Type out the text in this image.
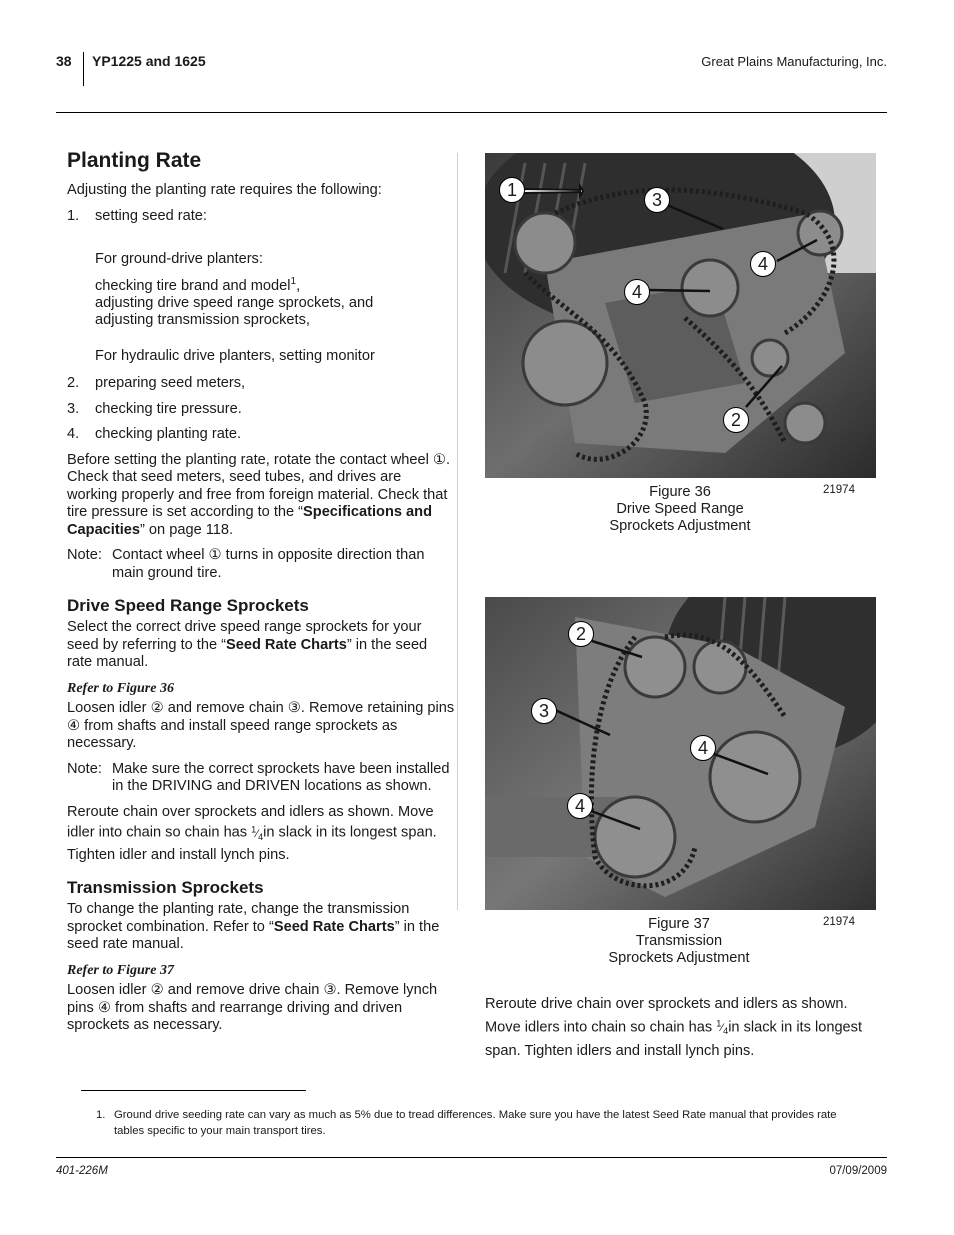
38 YP1225 and 1625	Great Plains Manufacturing, Inc.
Planting Rate

Adjusting the planting rate requires the following:

1.	setting seed rate:

For ground-drive planters:

checking tire brand and model$^1$,

adjusting drive speed range sprockets, and

adjusting transmission sprockets,

For hydraulic drive planters, setting monitor

2.	preparing seed meters,
3.	checking tire pressure.
4.	checking planting rate.

Before setting the planting rate, rotate the contact wheel ①. Check that seed meters, seed tubes, and drives are working properly and free from foreign material. Check that tire pressure is set according to the “Specifications and Capacities” on page 118.

Note: Contact wheel ① turns in opposite direction than main ground tire.
Drive Speed Range Sprockets

Select the correct drive speed range sprockets for your seed by referring to the “Seed Rate Charts” in the seed rate manual.

Refer to Figure 36

Loosen idler ② and remove chain ③. Remove retaining pins ④ from shafts and install speed range sprockets as necessary.

Note: Make sure the correct sprockets have been installed in the DRIVING and DRIVEN locations as shown.

Reroute chain over sprockets and idlers as shown. Move idler into chain so chain has $^1⁄_4in$ slack in its longest span. Tighten idler and install lynch pins.

Transmission Sprockets

To change the planting rate, change the transmission sprocket combination. Refer to “Seed Rate Charts” in the seed rate manual.

Refer to Figure 37

Loosen idler ② and remove drive chain ③. Remove lynch pins ④ from shafts and rearrange driving and driven sprockets as necessary.

1	3
4
4
2
Figure 36
Drive Speed Range
Sprockets Adjustment
21974
2
3
4
4
Figure 37
Transmission
Sprockets Adjustment
21974
Reroute drive chain over sprockets and idlers as shown. Move idlers into chain so chain has $^1⁄_4in$ slack in its longest span. Tighten idlers and install lynch pins.
1. Ground drive seeding rate can vary as much as 5% due to tread differences. Make sure you have the latest Seed Rate manual that provides rate tables specific to your main transport tires.
401-226M	07/09/2009
